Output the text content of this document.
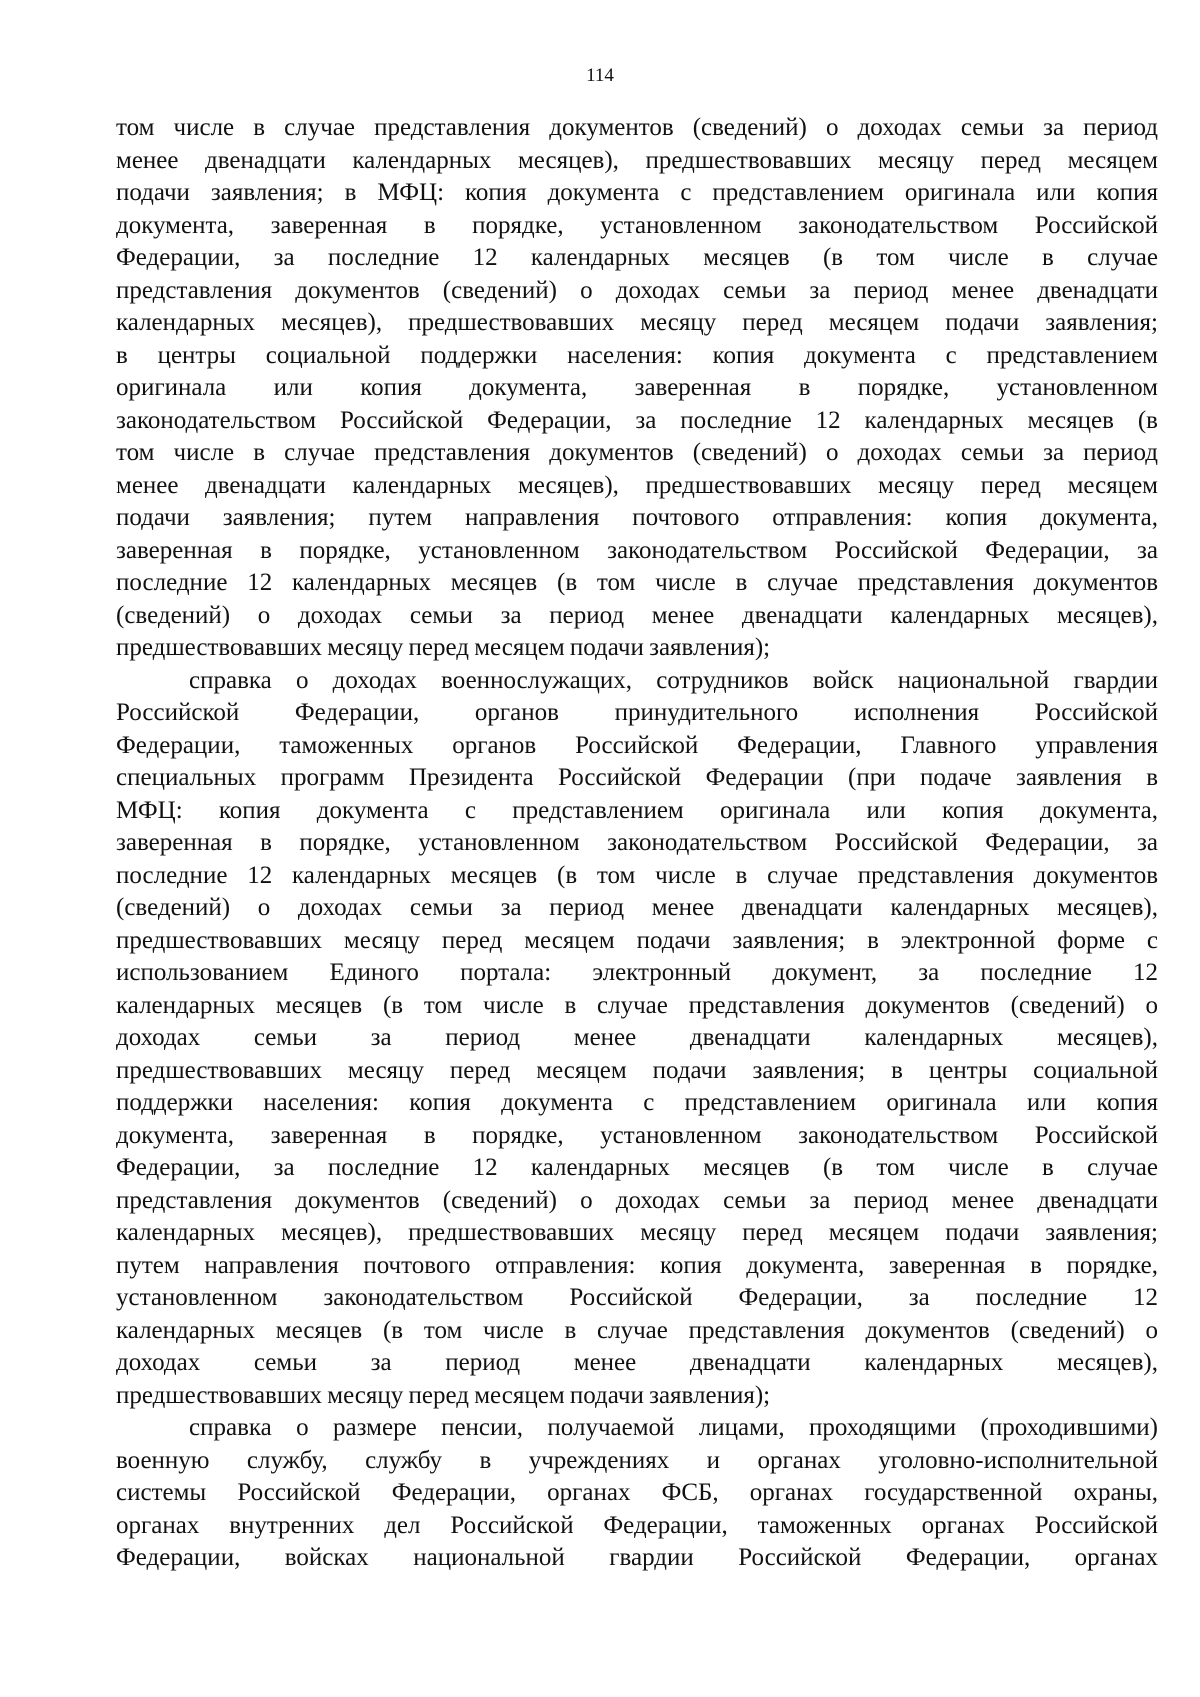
114
том числе в случае представления документов (сведений) о доходах семьи за период
менее двенадцати календарных месяцев), предшествовавших месяцу перед месяцем
подачи заявления; в МФЦ: копия документа с представлением оригинала или копия
документа, заверенная в порядке, установленном законодательством Российской
Федерации, за последние 12 календарных месяцев (в том числе в случае
представления документов (сведений) о доходах семьи за период менее двенадцати
календарных месяцев), предшествовавших месяцу перед месяцем подачи заявления;
в центры социальной поддержки населения: копия документа с представлением
оригинала или копия документа, заверенная в порядке, установленном
законодательством Российской Федерации, за последние 12 календарных месяцев (в
том числе в случае представления документов (сведений) о доходах семьи за период
менее двенадцати календарных месяцев), предшествовавших месяцу перед месяцем
подачи заявления; путем направления почтового отправления: копия документа,
заверенная в порядке, установленном законодательством Российской Федерации, за
последние 12 календарных месяцев (в том числе в случае представления документов
(сведений) о доходах семьи за период менее двенадцати календарных месяцев),
предшествовавших месяцу перед месяцем подачи заявления);
справка о доходах военнослужащих, сотрудников войск национальной гвардии
Российской Федерации, органов принудительного исполнения Российской
Федерации, таможенных органов Российской Федерации, Главного управления
специальных программ Президента Российской Федерации (при подаче заявления в
МФЦ: копия документа с представлением оригинала или копия документа,
заверенная в порядке, установленном законодательством Российской Федерации, за
последние 12 календарных месяцев (в том числе в случае представления документов
(сведений) о доходах семьи за период менее двенадцати календарных месяцев),
предшествовавших месяцу перед месяцем подачи заявления; в электронной форме с
использованием Единого портала: электронный документ, за последние 12
календарных месяцев (в том числе в случае представления документов (сведений) о
доходах семьи за период менее двенадцати календарных месяцев),
предшествовавших месяцу перед месяцем подачи заявления; в центры социальной
поддержки населения: копия документа с представлением оригинала или копия
документа, заверенная в порядке, установленном законодательством Российской
Федерации, за последние 12 календарных месяцев (в том числе в случае
представления документов (сведений) о доходах семьи за период менее двенадцати
календарных месяцев), предшествовавших месяцу перед месяцем подачи заявления;
путем направления почтового отправления: копия документа, заверенная в порядке,
установленном законодательством Российской Федерации, за последние 12
календарных месяцев (в том числе в случае представления документов (сведений) о
доходах семьи за период менее двенадцати календарных месяцев),
предшествовавших месяцу перед месяцем подачи заявления);
справка о размере пенсии, получаемой лицами, проходящими (проходившими)
военную службу, службу в учреждениях и органах уголовно-исполнительной
системы Российской Федерации, органах ФСБ, органах государственной охраны,
органах внутренних дел Российской Федерации, таможенных органах Российской
Федерации, войсках национальной гвардии Российской Федерации, органах
